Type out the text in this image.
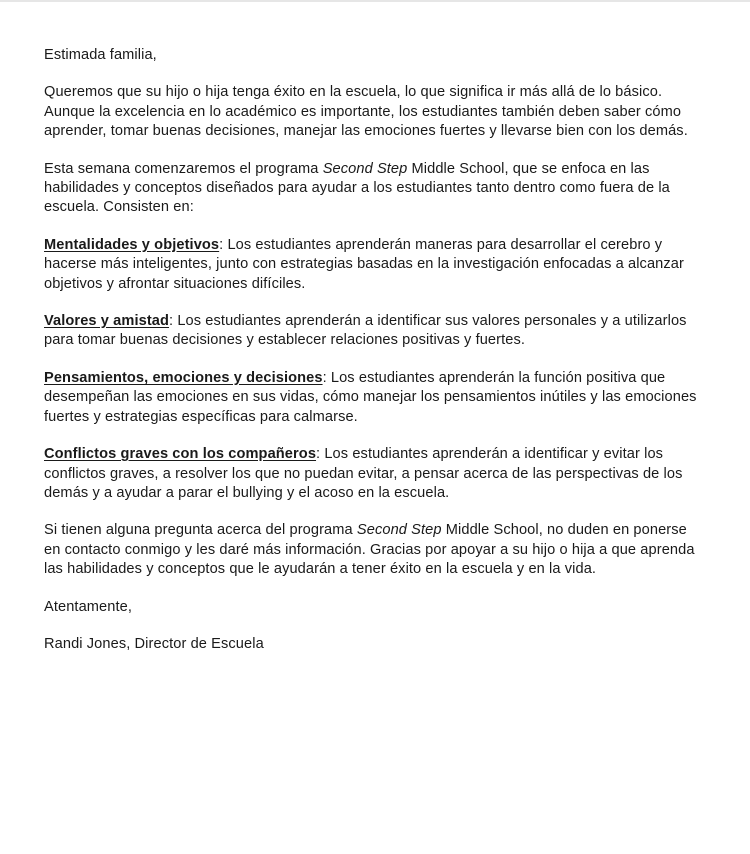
Estimada familia,

Queremos que su hijo o hija tenga éxito en la escuela, lo que significa ir más allá de lo básico. Aunque la excelencia en lo académico es importante, los estudiantes también deben saber cómo aprender, tomar buenas decisiones, manejar las emociones fuertes y llevarse bien con los demás.

Esta semana comenzaremos el programa Second Step Middle School, que se enfoca en las habilidades y conceptos diseñados para ayudar a los estudiantes tanto dentro como fuera de la escuela. Consisten en:

Mentalidades y objetivos: Los estudiantes aprenderán maneras para desarrollar el cerebro y hacerse más inteligentes, junto con estrategias basadas en la investigación enfocadas a alcanzar objetivos y afrontar situaciones difíciles.

Valores y amistad: Los estudiantes aprenderán a identificar sus valores personales y a utilizarlos para tomar buenas decisiones y establecer relaciones positivas y fuertes.

Pensamientos, emociones y decisiones: Los estudiantes aprenderán la función positiva que desempeñan las emociones en sus vidas, cómo manejar los pensamientos inútiles y las emociones fuertes y estrategias específicas para calmarse.

Conflictos graves con los compañeros: Los estudiantes aprenderán a identificar y evitar los conflictos graves, a resolver los que no puedan evitar, a pensar acerca de las perspectivas de los demás y a ayudar a parar el bullying y el acoso en la escuela.

Si tienen alguna pregunta acerca del programa Second Step Middle School, no duden en ponerse en contacto conmigo y les daré más información. Gracias por apoyar a su hijo o hija a que aprenda las habilidades y conceptos que le ayudarán a tener éxito en la escuela y en la vida.

Atentamente,

Randi Jones, Director de Escuela
